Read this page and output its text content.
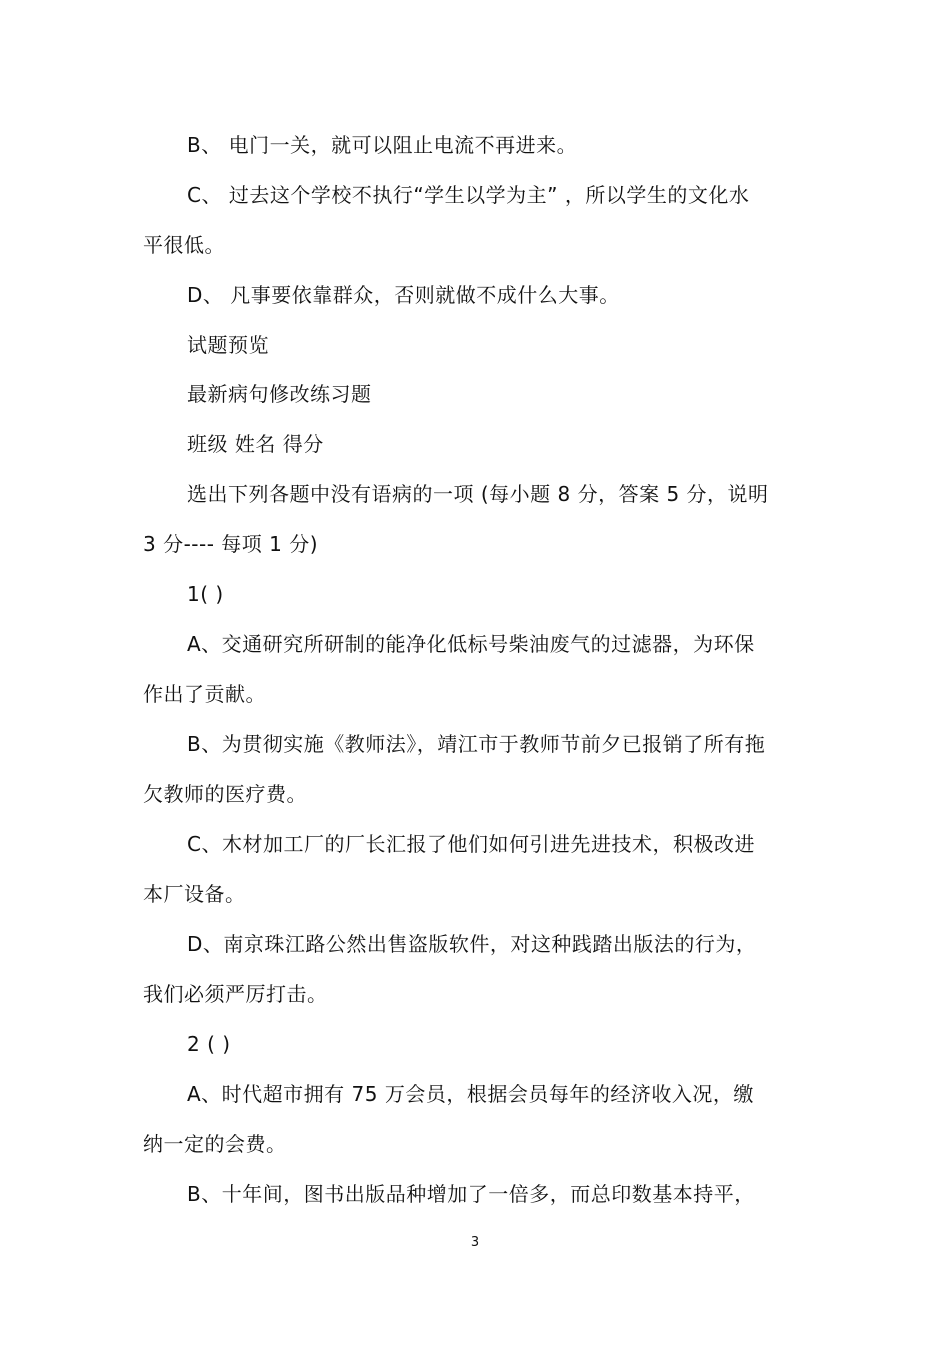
B、 电门一关，就可以阻止电流不再进来。
C、 过去这个学校不执行“学生以学为主” ，所以学生的文化水
平很低。
D、 凡事要依靠群众，否则就做不成什么大事。
试题预览
最新病句修改练习题
班级 姓名 得分
选出下列各题中没有语病的一项 (每小题 8 分，答案 5 分，说明
3 分---- 每项 1 分)
1( )
A、交通研究所研制的能净化低标号柴油废气的过滤器，为环保
作出了贡献。
B、为贯彻实施《教师法》，靖江市于教师节前夕已报销了所有拖
欠教师的医疗费。
C、木材加工厂的厂长汇报了他们如何引进先进技术，积极改进
本厂设备。
D、南京珠江路公然出售盗版软件，对这种践踏出版法的行为，
我们必须严厉打击。
2 ( )
A、时代超市拥有 75 万会员，根据会员每年的经济收入况，缴
纳一定的会费。
B、十年间，图书出版品种增加了一倍多，而总印数基本持平，
3
